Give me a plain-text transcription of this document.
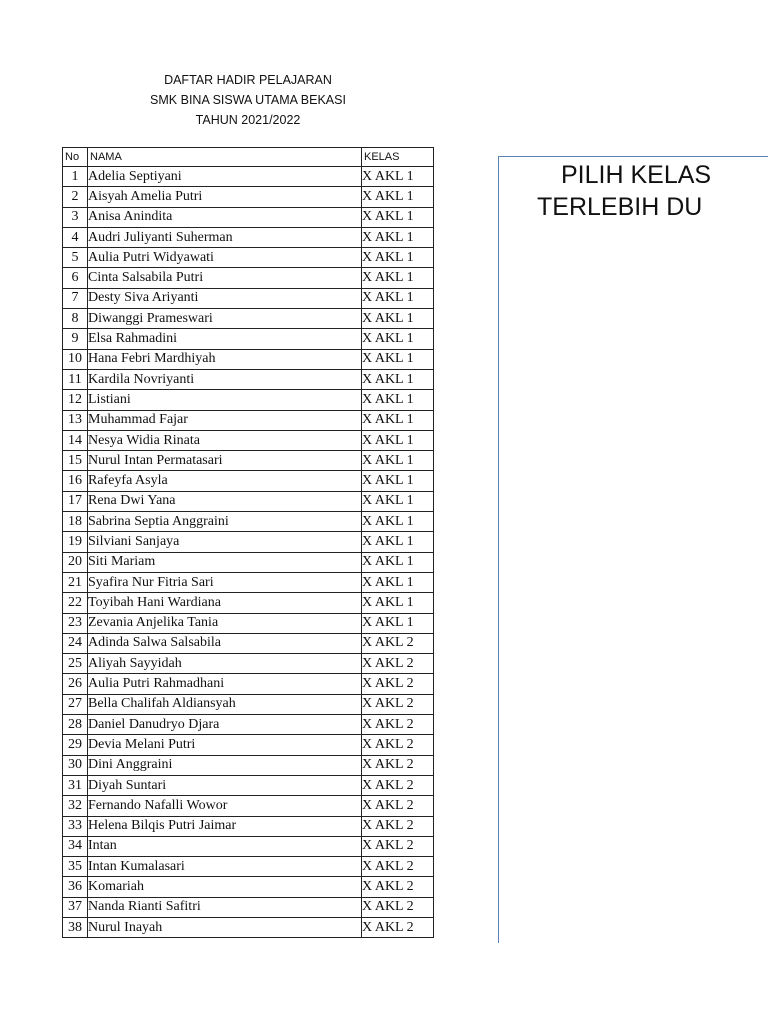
DAFTAR HADIR PELAJARAN
SMK BINA SISWA UTAMA BEKASI
TAHUN 2021/2022
No	NAMA	KELAS
1	Adelia Septiyani	X AKL 1
2	Aisyah Amelia Putri	X AKL 1
3	Anisa Anindita	X AKL 1
4	Audri Juliyanti Suherman	X AKL 1
5	Aulia Putri Widyawati	X AKL 1
6	Cinta Salsabila Putri	X AKL 1
7	Desty Siva Ariyanti	X AKL 1
8	Diwanggi Prameswari	X AKL 1
9	Elsa Rahmadini	X AKL 1
10	Hana Febri Mardhiyah	X AKL 1
11	Kardila Novriyanti	X AKL 1
12	Listiani	X AKL 1
13	Muhammad Fajar	X AKL 1
14	Nesya Widia Rinata	X AKL 1
15	Nurul Intan Permatasari	X AKL 1
16	Rafeyfa Asyla	X AKL 1
17	Rena Dwi Yana	X AKL 1
18	Sabrina Septia Anggraini	X AKL 1
19	Silviani Sanjaya	X AKL 1
20	Siti Mariam	X AKL 1
21	Syafira Nur Fitria Sari	X AKL 1
22	Toyibah Hani Wardiana	X AKL 1
23	Zevania Anjelika Tania	X AKL 1
24	Adinda Salwa Salsabila	X AKL 2
25	Aliyah Sayyidah	X AKL 2
26	Aulia Putri Rahmadhani	X AKL 2
27	Bella Chalifah Aldiansyah	X AKL 2
28	Daniel Danudryo Djara	X AKL 2
29	Devia Melani Putri	X AKL 2
30	Dini Anggraini	X AKL 2
31	Diyah Suntari	X AKL 2
32	Fernando Nafalli Wowor	X AKL 2
33	Helena Bilqis Putri Jaimar	X AKL 2
34	Intan	X AKL 2
35	Intan Kumalasari	X AKL 2
36	Komariah	X AKL 2
37	Nanda Rianti Safitri	X AKL 2
38	Nurul Inayah	X AKL 2
PILIH KELAS
TERLEBIH DU
